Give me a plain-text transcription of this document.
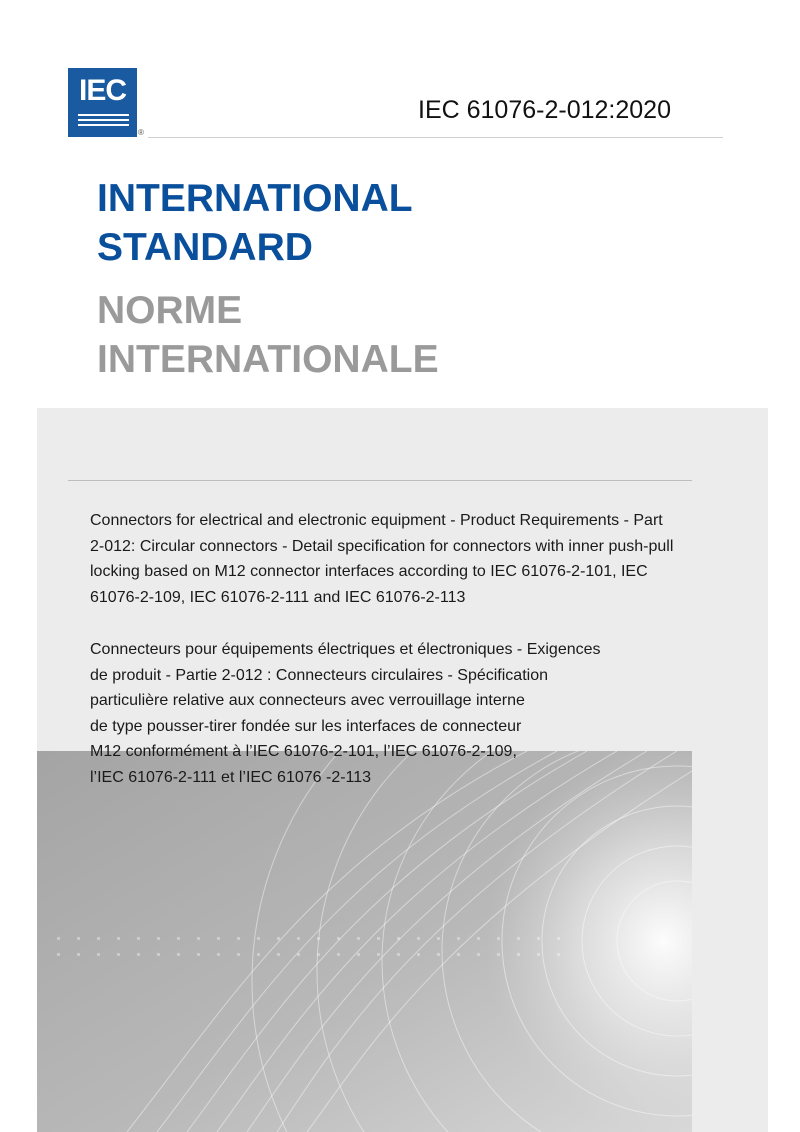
IEC
®
IEC 61076-2-012:2020
INTERNATIONAL
STANDARD
NORME
INTERNATIONALE

Connectors for electrical and electronic equipment - Product Requirements - Part 2-012: Circular connectors - Detail specification for connectors with inner push-pull locking based on M12 connector interfaces according to IEC 61076-2-101, IEC 61076-2-109, IEC 61076-2-111 and IEC 61076-2-113

Connecteurs pour équipements électriques et électroniques - Exigences
de produit - Partie 2-012 : Connecteurs circulaires - Spécification
particulière relative aux connecteurs avec verrouillage interne
de type pousser-tirer fondée sur les interfaces de connecteur
M12 conformément à l’IEC 61076-2-101, l’IEC 61076-2-109,
l’IEC 61076-2-111 et l’IEC 61076 -2-113
